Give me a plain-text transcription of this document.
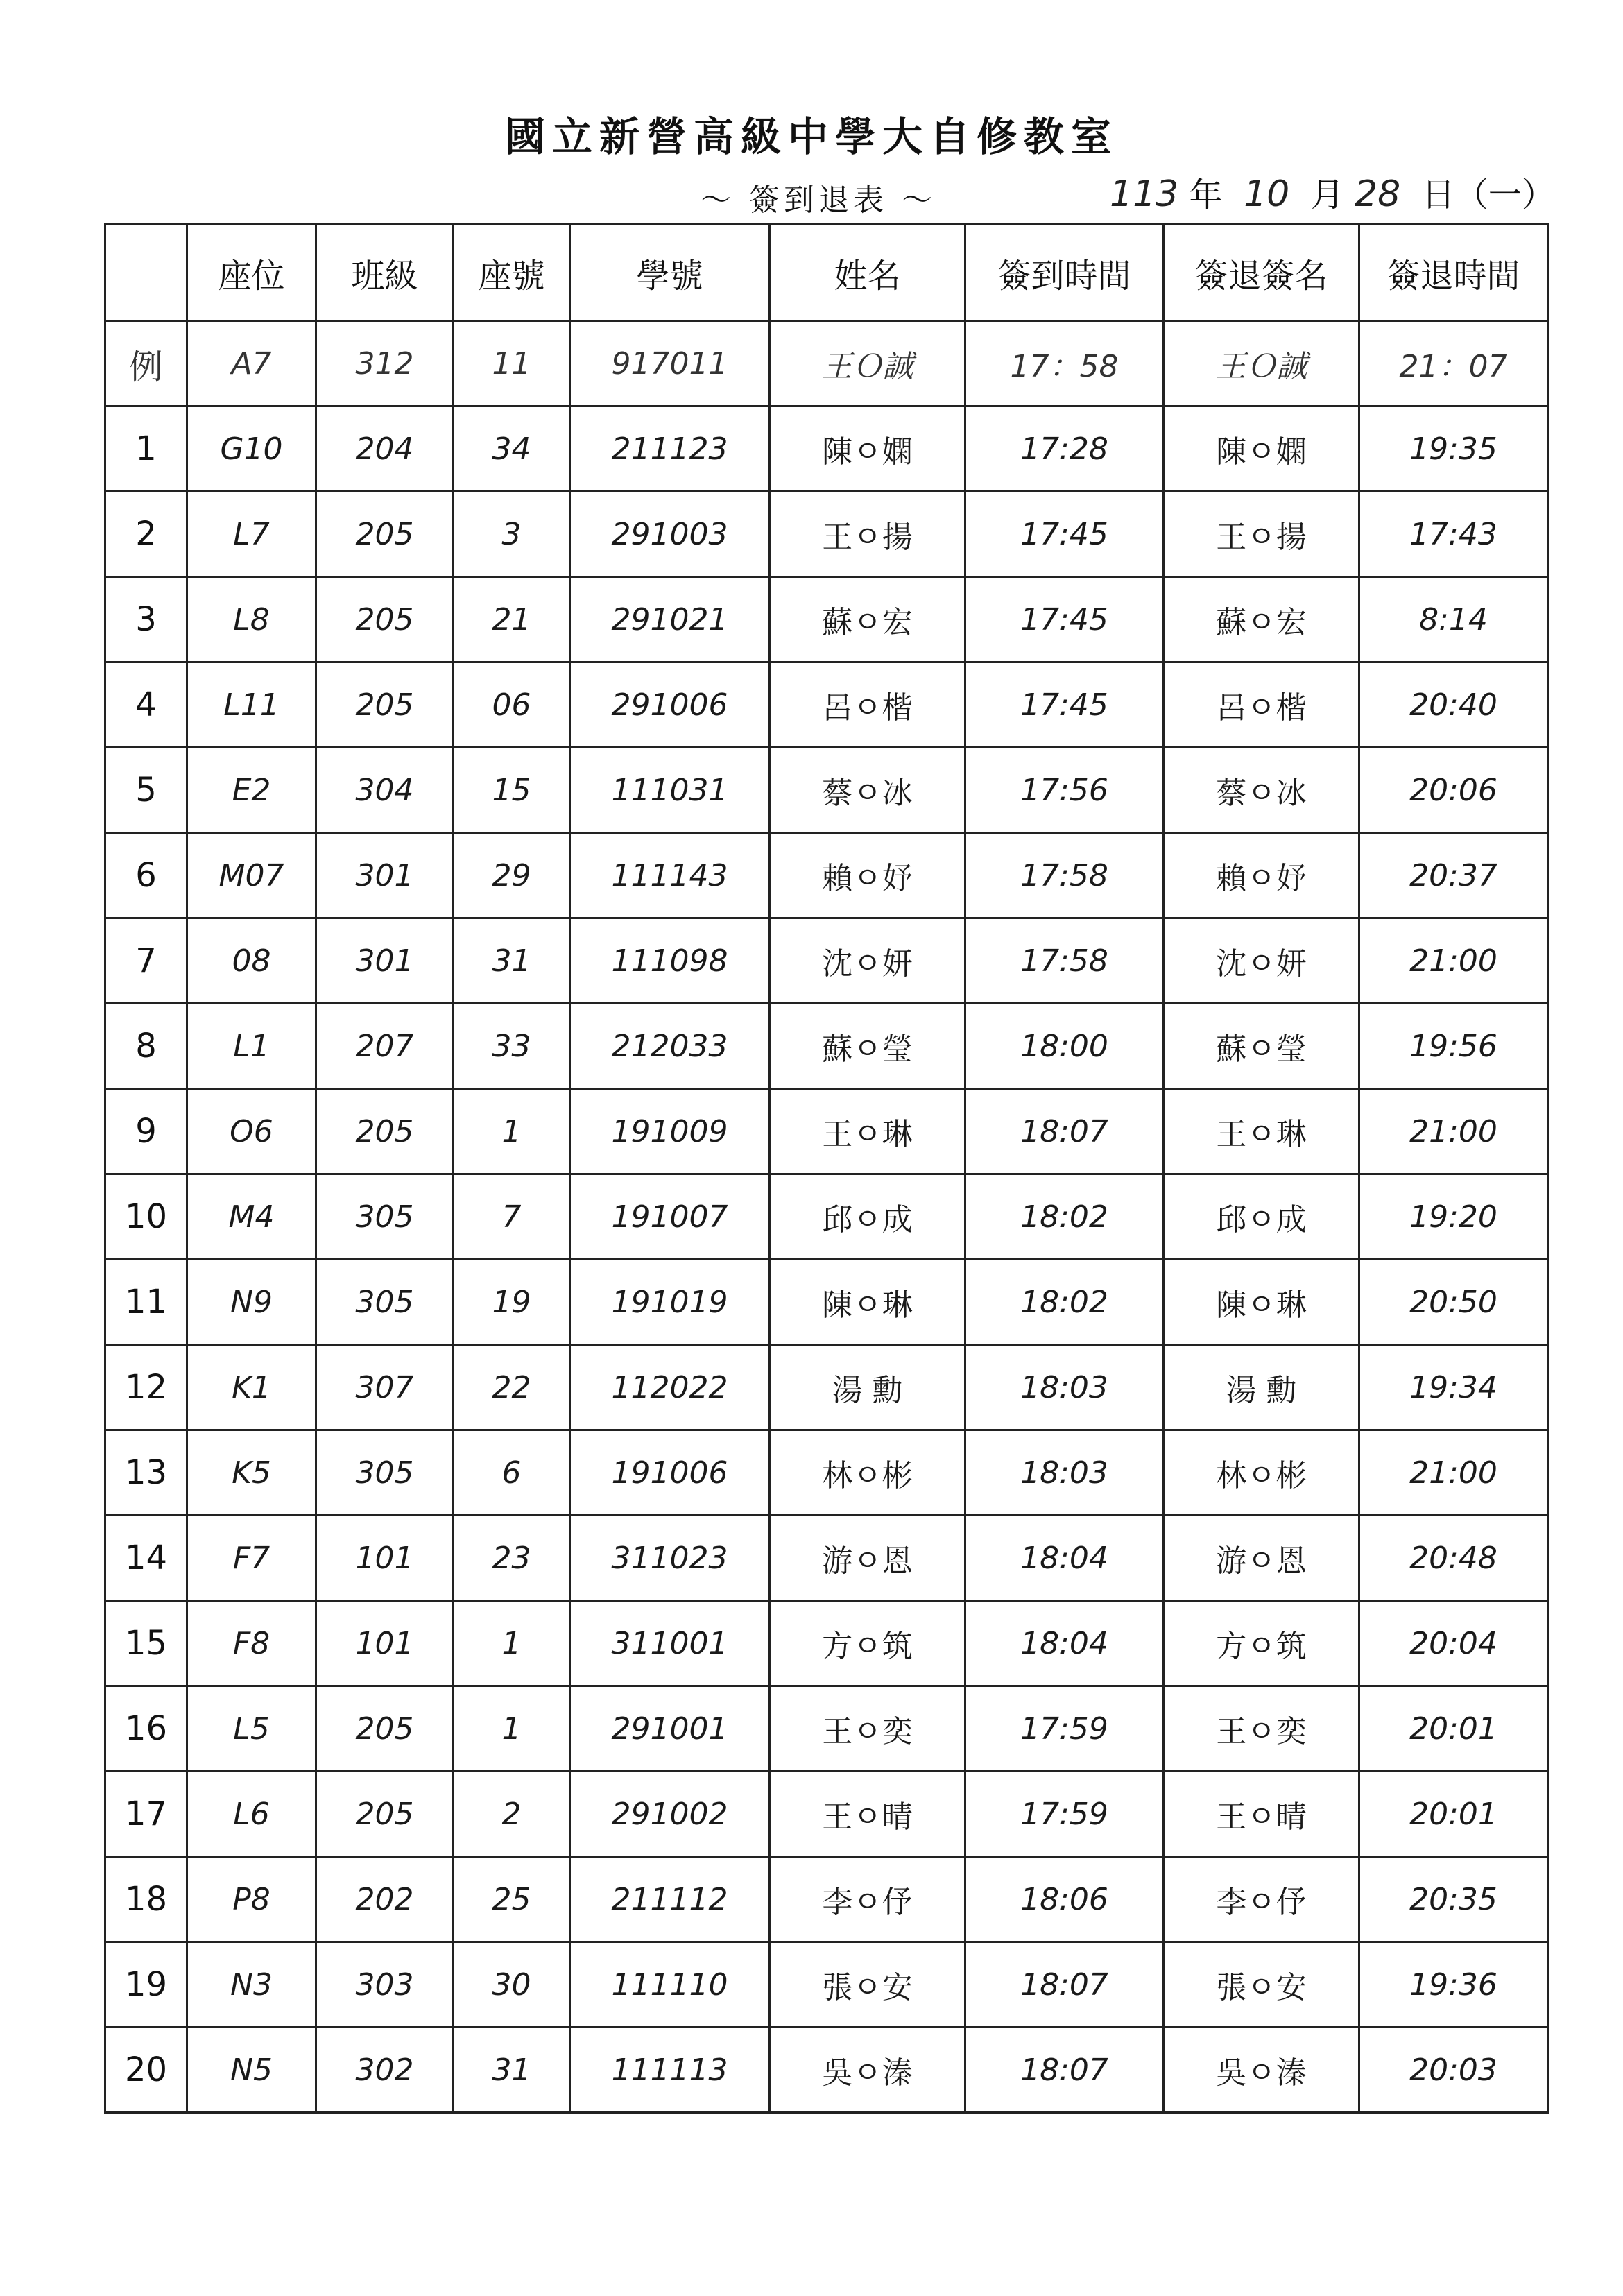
國立新營高級中學大自修教室
～ 簽到退表 ～	113 年 10 月 28 日（一）
	座位	班級	座號	學號	姓名	簽到時間	簽退簽名	簽退時間
例	A7	312	11	917011	王Ｏ誠	17：58	王Ｏ誠	21：07
1	G10	204	34	211123	陳ㅇ嫻	17:28	陳ㅇ嫻	19:35
2	L7	205	3	291003	王ㅇ揚	17:45	王ㅇ揚	17:43
3	L8	205	21	291021	蘇ㅇ宏	17:45	蘇ㅇ宏	8:14
4	L11	205	06	291006	呂ㅇ楷	17:45	呂ㅇ楷	20:40
5	E2	304	15	111031	蔡ㅇ冰	17:56	蔡ㅇ冰	20:06
6	M07	301	29	111143	賴ㅇ妤	17:58	賴ㅇ妤	20:37
7	08	301	31	111098	沈ㅇ妍	17:58	沈ㅇ妍	21:00
8	L1	207	33	212033	蘇ㅇ瑩	18:00	蘇ㅇ瑩	19:56
9	O6	205	1	191009	王ㅇ琳	18:07	王ㅇ琳	21:00
10	M4	305	7	191007	邱ㅇ成	18:02	邱ㅇ成	19:20
11	N9	305	19	191019	陳ㅇ琳	18:02	陳ㅇ琳	20:50
12	K1	307	22	112022	湯 勳	18:03	湯 勳	19:34
13	K5	305	6	191006	林ㅇ彬	18:03	林ㅇ彬	21:00
14	F7	101	23	311023	游ㅇ恩	18:04	游ㅇ恩	20:48
15	F8	101	1	311001	方ㅇ筑	18:04	方ㅇ筑	20:04
16	L5	205	1	291001	王ㅇ奕	17:59	王ㅇ奕	20:01
17	L6	205	2	291002	王ㅇ晴	17:59	王ㅇ晴	20:01
18	P8	202	25	211112	李ㅇ伃	18:06	李ㅇ伃	20:35
19	N3	303	30	111110	張ㅇ安	18:07	張ㅇ安	19:36
20	N5	302	31	111113	吳ㅇ溱	18:07	吳ㅇ溱	20:03
